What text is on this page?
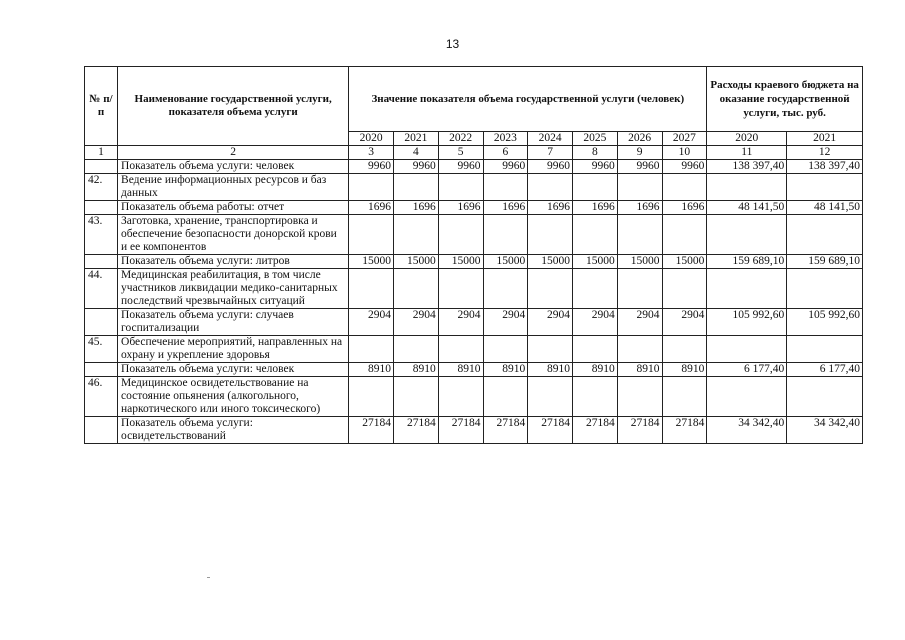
13
№ п/п	Наименование государственной услуги, показателя объема услуги	Значение показателя объема государственной услуги (человек)								Расходы краевого бюджета на оказание государственной услуги, тыс. руб.	
		2020	2021	2022	2023	2024	2025	2026	2027	2020	2021
1	2	3	4	5	6	7	8	9	10	11	12
	Показатель объема услуги: человек	9960	9960	9960	9960	9960	9960	9960	9960	138 397,40	138 397,40
42.	Ведение информационных ресурсов и баз данных										
	Показатель объема работы: отчет	1696	1696	1696	1696	1696	1696	1696	1696	48 141,50	48 141,50
43.	Заготовка, хранение, транспортировка и обеспечение безопасности донорской крови и ее компонентов										
	Показатель объема услуги: литров	15000	15000	15000	15000	15000	15000	15000	15000	159 689,10	159 689,10
44.	Медицинская реабилитация, в том числе участников ликвидации медико-санитарных последствий чрезвычайных ситуаций										
	Показатель объема услуги: случаев госпитализации	2904	2904	2904	2904	2904	2904	2904	2904	105 992,60	105 992,60
45.	Обеспечение мероприятий, направленных на охрану и укрепление здоровья										
	Показатель объема услуги: человек	8910	8910	8910	8910	8910	8910	8910	8910	6 177,40	6 177,40
46.	Медицинское освидетельствование на состояние опьянения (алкогольного, наркотического или иного токсического)										
	Показатель объема услуги: освидетельствований	27184	27184	27184	27184	27184	27184	27184	27184	34 342,40	34 342,40
